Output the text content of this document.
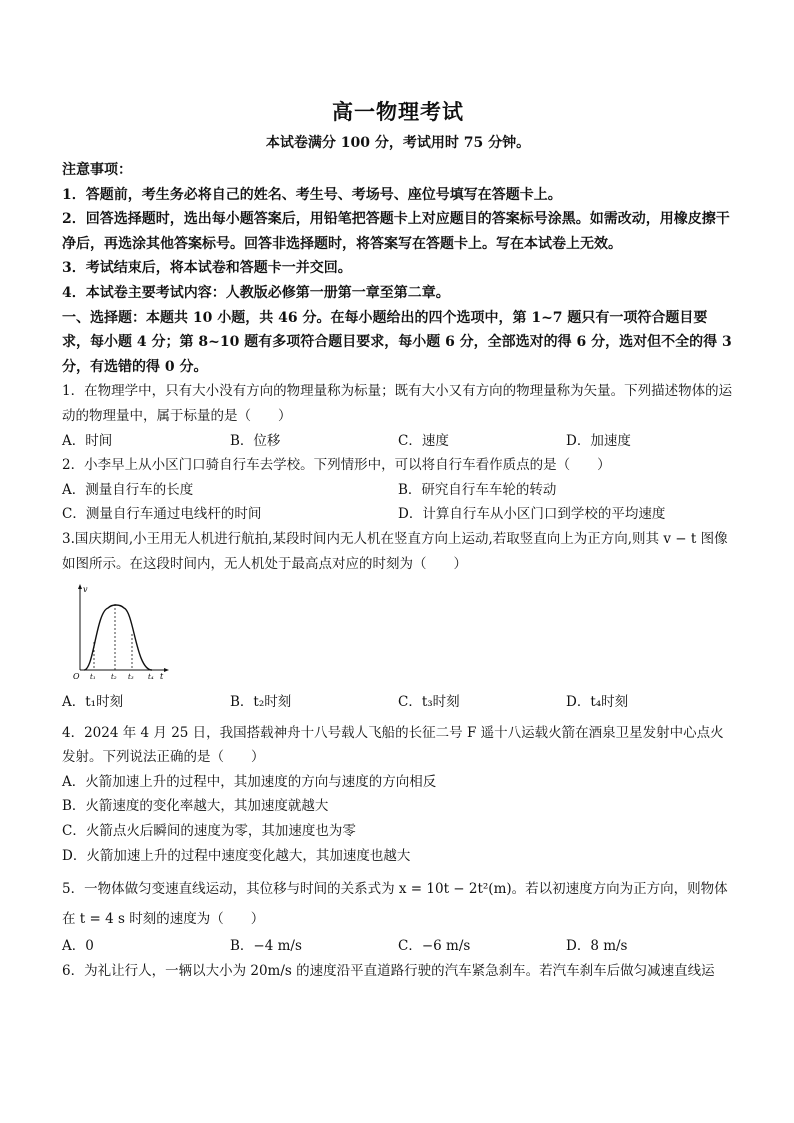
高一物理考试
本试卷满分 100 分，考试用时 75 分钟。

注意事项：

1．答题前，考生务必将自己的姓名、考生号、考场号、座位号填写在答题卡上。

2．回答选择题时，选出每小题答案后，用铅笔把答题卡上对应题目的答案标号涂黑。如需改动，用橡皮擦干净后，再选涂其他答案标号。回答非选择题时，将答案写在答题卡上。写在本试卷上无效。

3．考试结束后，将本试卷和答题卡一并交回。

4．本试卷主要考试内容：人教版必修第一册第一章至第二章。

一、选择题：本题共 10 小题，共 46 分。在每小题给出的四个选项中，第 1~7 题只有一项符合题目要求，每小题 4 分；第 8~10 题有多项符合题目要求，每小题 6 分，全部选对的得 6 分，选对但不全的得 3 分，有选错的得 0 分。

1．在物理学中，只有大小没有方向的物理量称为标量；既有大小又有方向的物理量称为矢量。下列描述物体的运动的物理量中，属于标量的是（　　）

A．时间	B．位移	C．速度	D．加速度

2．小李早上从小区门口骑自行车去学校。下列情形中，可以将自行车看作质点的是（　　）

A．测量自行车的长度	B．研究自行车车轮的转动
C．测量自行车通过电线杆的时间	D．计算自行车从小区门口到学校的平均速度

3.国庆期间,小王用无人机进行航拍,某段时间内无人机在竖直方向上运动,若取竖直向上为正方向,则其 v − t 图像如图所示。在这段时间内，无人机处于最高点对应的时刻为（　　）

v
O t₁ t₂ t₃ t₄ t
A．t₁时刻	B．t₂时刻	C．t₃时刻	D．t₄时刻

4．2024 年 4 月 25 日，我国搭载神舟十八号载人飞船的长征二号 F 遥十八运载火箭在酒泉卫星发射中心点火发射。下列说法正确的是（　　）

A．火箭加速上升的过程中，其加速度的方向与速度的方向相反

B．火箭速度的变化率越大，其加速度就越大

C．火箭点火后瞬间的速度为零，其加速度也为零

D．火箭加速上升的过程中速度变化越大，其加速度也越大

5．一物体做匀变速直线运动，其位移与时间的关系式为 x = 10t − 2t²(m)。若以初速度方向为正方向，则物体在 t = 4 s 时刻的速度为（　　）

A．0	B．−4 m/s	C．−6 m/s	D．8 m/s

6．为礼让行人，一辆以大小为 20m/s 的速度沿平直道路行驶的汽车紧急刹车。若汽车刹车后做匀减速直线运
